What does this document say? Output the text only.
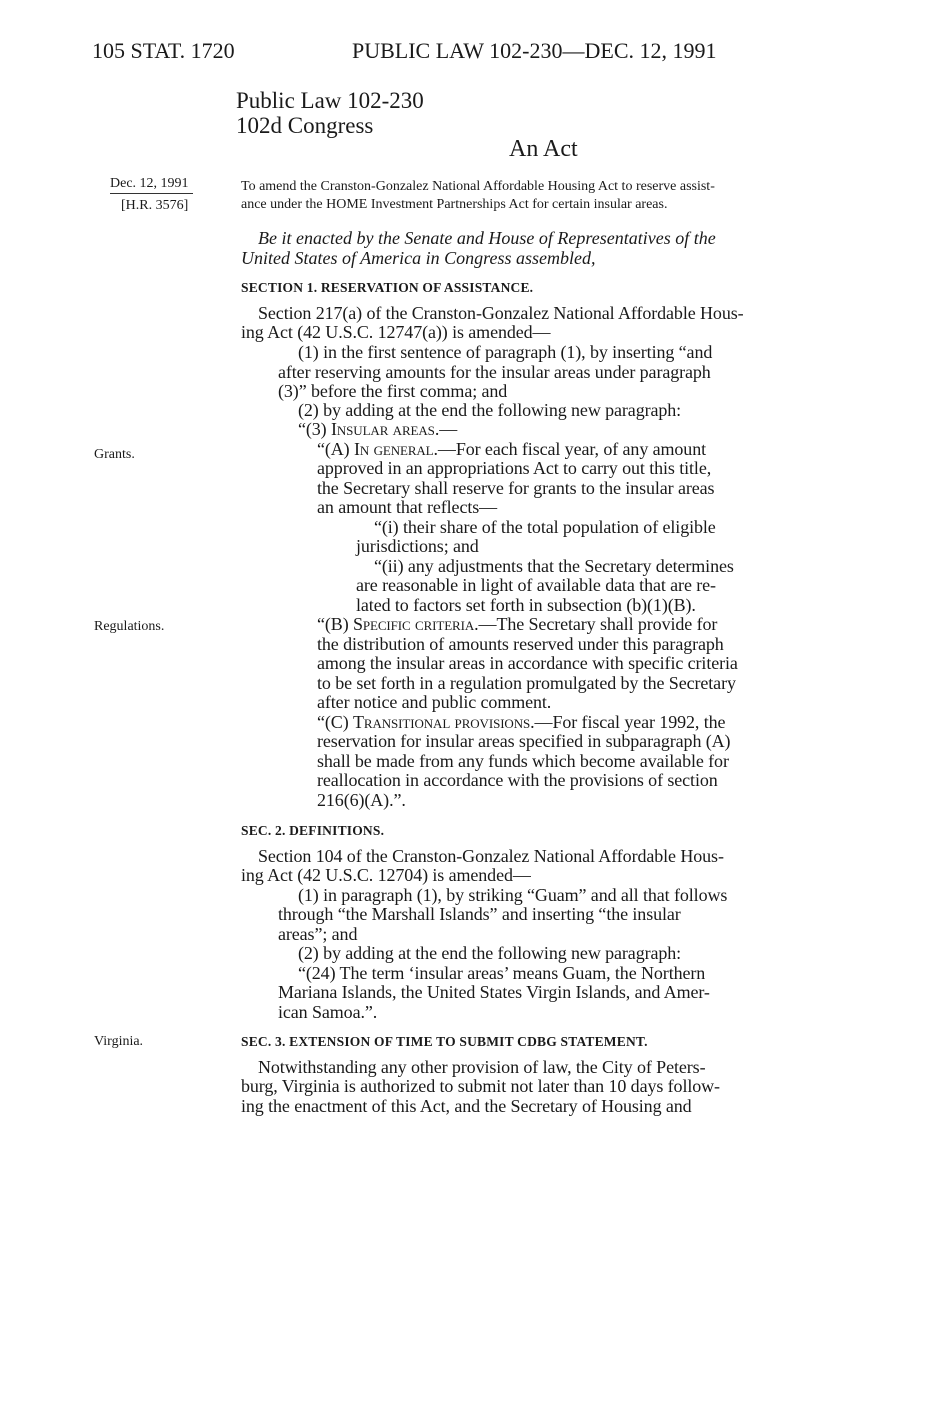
105 STAT. 1720	PUBLIC LAW 102-230—DEC. 12, 1991
Public Law 102-230
102d Congress
An Act
Dec. 12, 1991
[H.R. 3576]
Grants.
Regulations.
Virginia.
To amend the Cranston-Gonzalez National Affordable Housing Act to reserve assist-
ance under the HOME Investment Partnerships Act for certain insular areas.
Be it enacted by the Senate and House of Representatives of the
United States of America in Congress assembled,
SECTION 1. RESERVATION OF ASSISTANCE.
Section 217(a) of the Cranston-Gonzalez National Affordable Hous-
ing Act (42 U.S.C. 12747(a)) is amended—
(1) in the first sentence of paragraph (1), by inserting “and
after reserving amounts for the insular areas under paragraph
(3)” before the first comma; and
(2) by adding at the end the following new paragraph:
“(3) Insular areas.—
“(A) In general.—For each fiscal year, of any amount
approved in an appropriations Act to carry out this title,
the Secretary shall reserve for grants to the insular areas
an amount that reflects—
“(i) their share of the total population of eligible
jurisdictions; and
“(ii) any adjustments that the Secretary determines
are reasonable in light of available data that are re-
lated to factors set forth in subsection (b)(1)(B).
“(B) Specific criteria.—The Secretary shall provide for
the distribution of amounts reserved under this paragraph
among the insular areas in accordance with specific criteria
to be set forth in a regulation promulgated by the Secretary
after notice and public comment.
“(C) Transitional provisions.—For fiscal year 1992, the
reservation for insular areas specified in subparagraph (A)
shall be made from any funds which become available for
reallocation in accordance with the provisions of section
216(6)(A).”.
SEC. 2. DEFINITIONS.
Section 104 of the Cranston-Gonzalez National Affordable Hous-
ing Act (42 U.S.C. 12704) is amended—
(1) in paragraph (1), by striking “Guam” and all that follows
through “the Marshall Islands” and inserting “the insular
areas”; and
(2) by adding at the end the following new paragraph:
“(24) The term ‘insular areas’ means Guam, the Northern
Mariana Islands, the United States Virgin Islands, and Amer-
ican Samoa.”.
SEC. 3. EXTENSION OF TIME TO SUBMIT CDBG STATEMENT.
Notwithstanding any other provision of law, the City of Peters-
burg, Virginia is authorized to submit not later than 10 days follow-
ing the enactment of this Act, and the Secretary of Housing and
